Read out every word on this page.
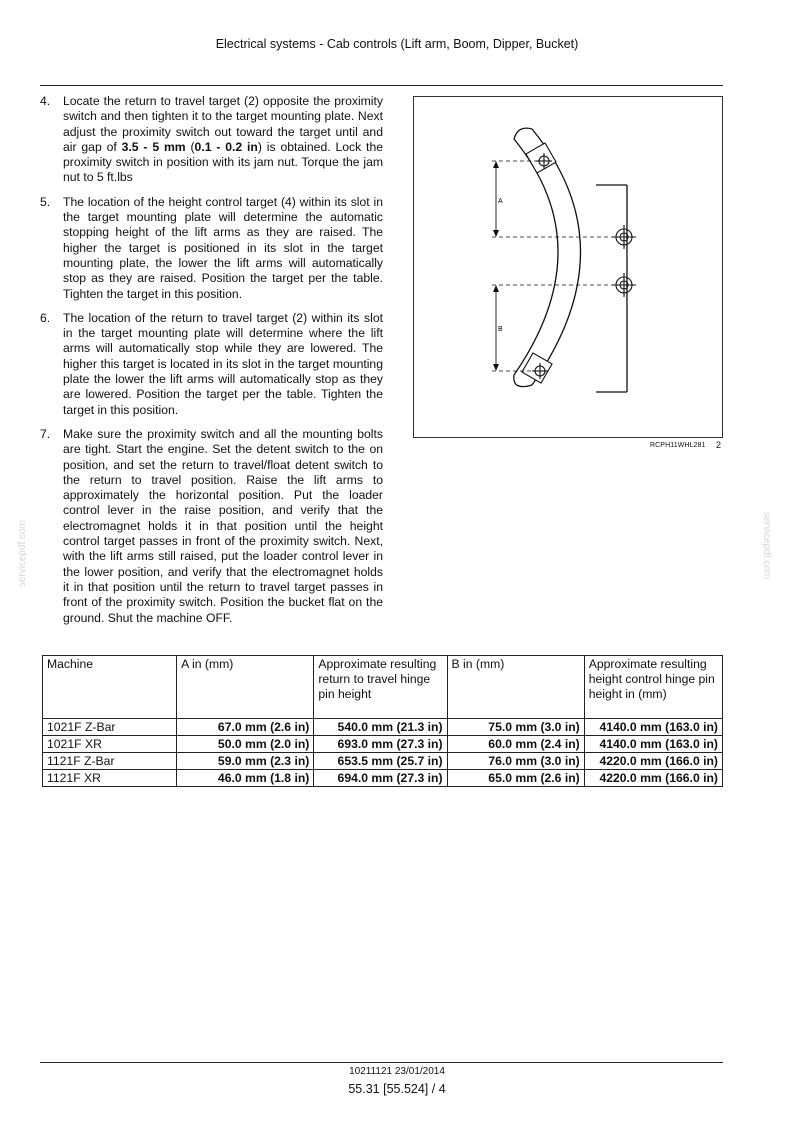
Electrical systems - Cab controls (Lift arm, Boom, Dipper, Bucket)
4.	Locate the return to travel target (2) opposite the proximity switch and then tighten it to the target mounting plate. Next adjust the proximity switch out toward the target until and air gap of 3.5 - 5 mm (0.1 - 0.2 in) is obtained. Lock the proximity switch in position with its jam nut. Torque the jam nut to 5 ft.lbs
5.	The location of the height control target (4) within its slot in the target mounting plate will determine the automatic stopping height of the lift arms as they are raised. The higher the target is positioned in its slot in the target mounting plate, the lower the lift arms will automatically stop as they are raised. Position the target per the table. Tighten the target in this position.
6.	The location of the return to travel target (2) within its slot in the target mounting plate will determine where the lift arms will automatically stop while they are lowered. The higher this target is located in its slot in the target mounting plate the lower the lift arms will automatically stop as they are lowered. Position the target per the table. Tighten the target in this position.
7.	Make sure the proximity switch and all the mounting bolts are tight. Start the engine. Set the detent switch to the on position, and set the return to travel/float detent switch to the return to travel position. Raise the lift arms to approximately the horizontal position. Put the loader control lever in the raise position, and verify that the electromagnet holds it in that position until the height control target passes in front of the proximity switch. Next, with the lift arms still raised, put the loader control lever in the lower position, and verify that the electromagnet holds it in that position until the return to travel target passes in front of the proximity switch. Position the bucket flat on the ground. Shut the machine OFF.
A
B
RCPH11WHL281 2
Machine	A in (mm)	Approximate resulting return to travel hinge pin height	B in (mm)	Approximate resulting height control hinge pin height in (mm)
1021F Z-Bar	67.0 mm (2.6 in)	540.0 mm (21.3 in)	75.0 mm (3.0 in)	4140.0 mm (163.0 in)
1021F XR	50.0 mm (2.0 in)	693.0 mm (27.3 in)	60.0 mm (2.4 in)	4140.0 mm (163.0 in)
1121F Z-Bar	59.0 mm (2.3 in)	653.5 mm (25.7 in)	76.0 mm (3.0 in)	4220.0 mm (166.0 in)
1121F XR	46.0 mm (1.8 in)	694.0 mm (27.3 in)	65.0 mm (2.6 in)	4220.0 mm (166.0 in)
10211121 23/01/2014
55.31 [55.524] / 4
servicepdf.com	servicepdf.com
